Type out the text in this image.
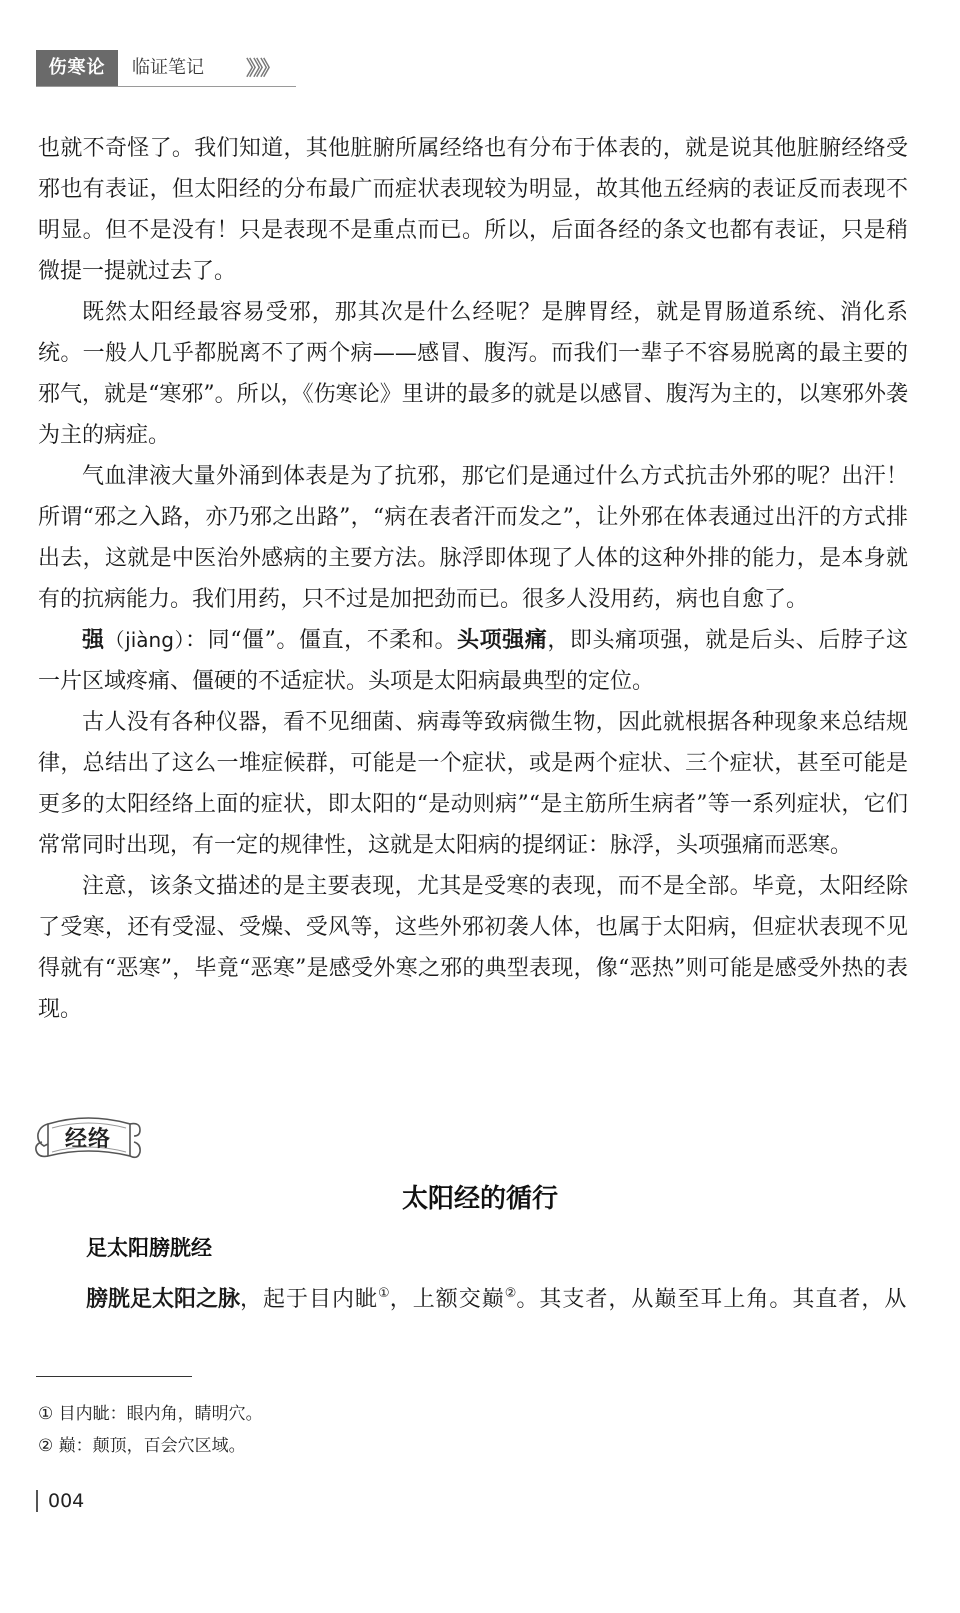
伤寒论	临证笔记 》》》

也就不奇怪了。我们知道，其他脏腑所属经络也有分布于体表的，就是说其他脏腑经络受邪也有表证，但太阳经的分布最广而症状表现较为明显，故其他五经病的表证反而表现不明显。但不是没有！只是表现不是重点而已。所以，后面各经的条文也都有表证，只是稍微提一提就过去了。

既然太阳经最容易受邪，那其次是什么经呢？是脾胃经，就是胃肠道系统、消化系统。一般人几乎都脱离不了两个病——感冒、腹泻。而我们一辈子不容易脱离的最主要的邪气，就是“寒邪”。所以，《伤寒论》里讲的最多的就是以感冒、腹泻为主的，以寒邪外袭为主的病症。

气血津液大量外涌到体表是为了抗邪，那它们是通过什么方式抗击外邪的呢？出汗！所谓“邪之入路，亦乃邪之出路”，“病在表者汗而发之”，让外邪在体表通过出汗的方式排出去，这就是中医治外感病的主要方法。脉浮即体现了人体的这种外排的能力，是本身就有的抗病能力。我们用药，只不过是加把劲而已。很多人没用药，病也自愈了。

强（jiàng）：同“僵”。僵直，不柔和。头项强痛，即头痛项强，就是后头、后脖子这一片区域疼痛、僵硬的不适症状。头项是太阳病最典型的定位。

古人没有各种仪器，看不见细菌、病毒等致病微生物，因此就根据各种现象来总结规律，总结出了这么一堆症候群，可能是一个症状，或是两个症状、三个症状，甚至可能是更多的太阳经络上面的症状，即太阳的“是动则病”“是主筋所生病者”等一系列症状，它们常常同时出现，有一定的规律性，这就是太阳病的提纲证：脉浮，头项强痛而恶寒。

注意，该条文描述的是主要表现，尤其是受寒的表现，而不是全部。毕竟，太阳经除了受寒，还有受湿、受燥、受风等，这些外邪初袭人体，也属于太阳病，但症状表现不见得就有“恶寒”，毕竟“恶寒”是感受外寒之邪的典型表现，像“恶热”则可能是感受外热的表现。

经络
太阳经的循行
足太阳膀胱经
膀胱足太阳之脉，起于目内眦①，上额交巅②。其支者，从巅至耳上角。其直者，从

① 目内眦：眼内角，睛明穴。

② 巅：颠顶，百会穴区域。

004
